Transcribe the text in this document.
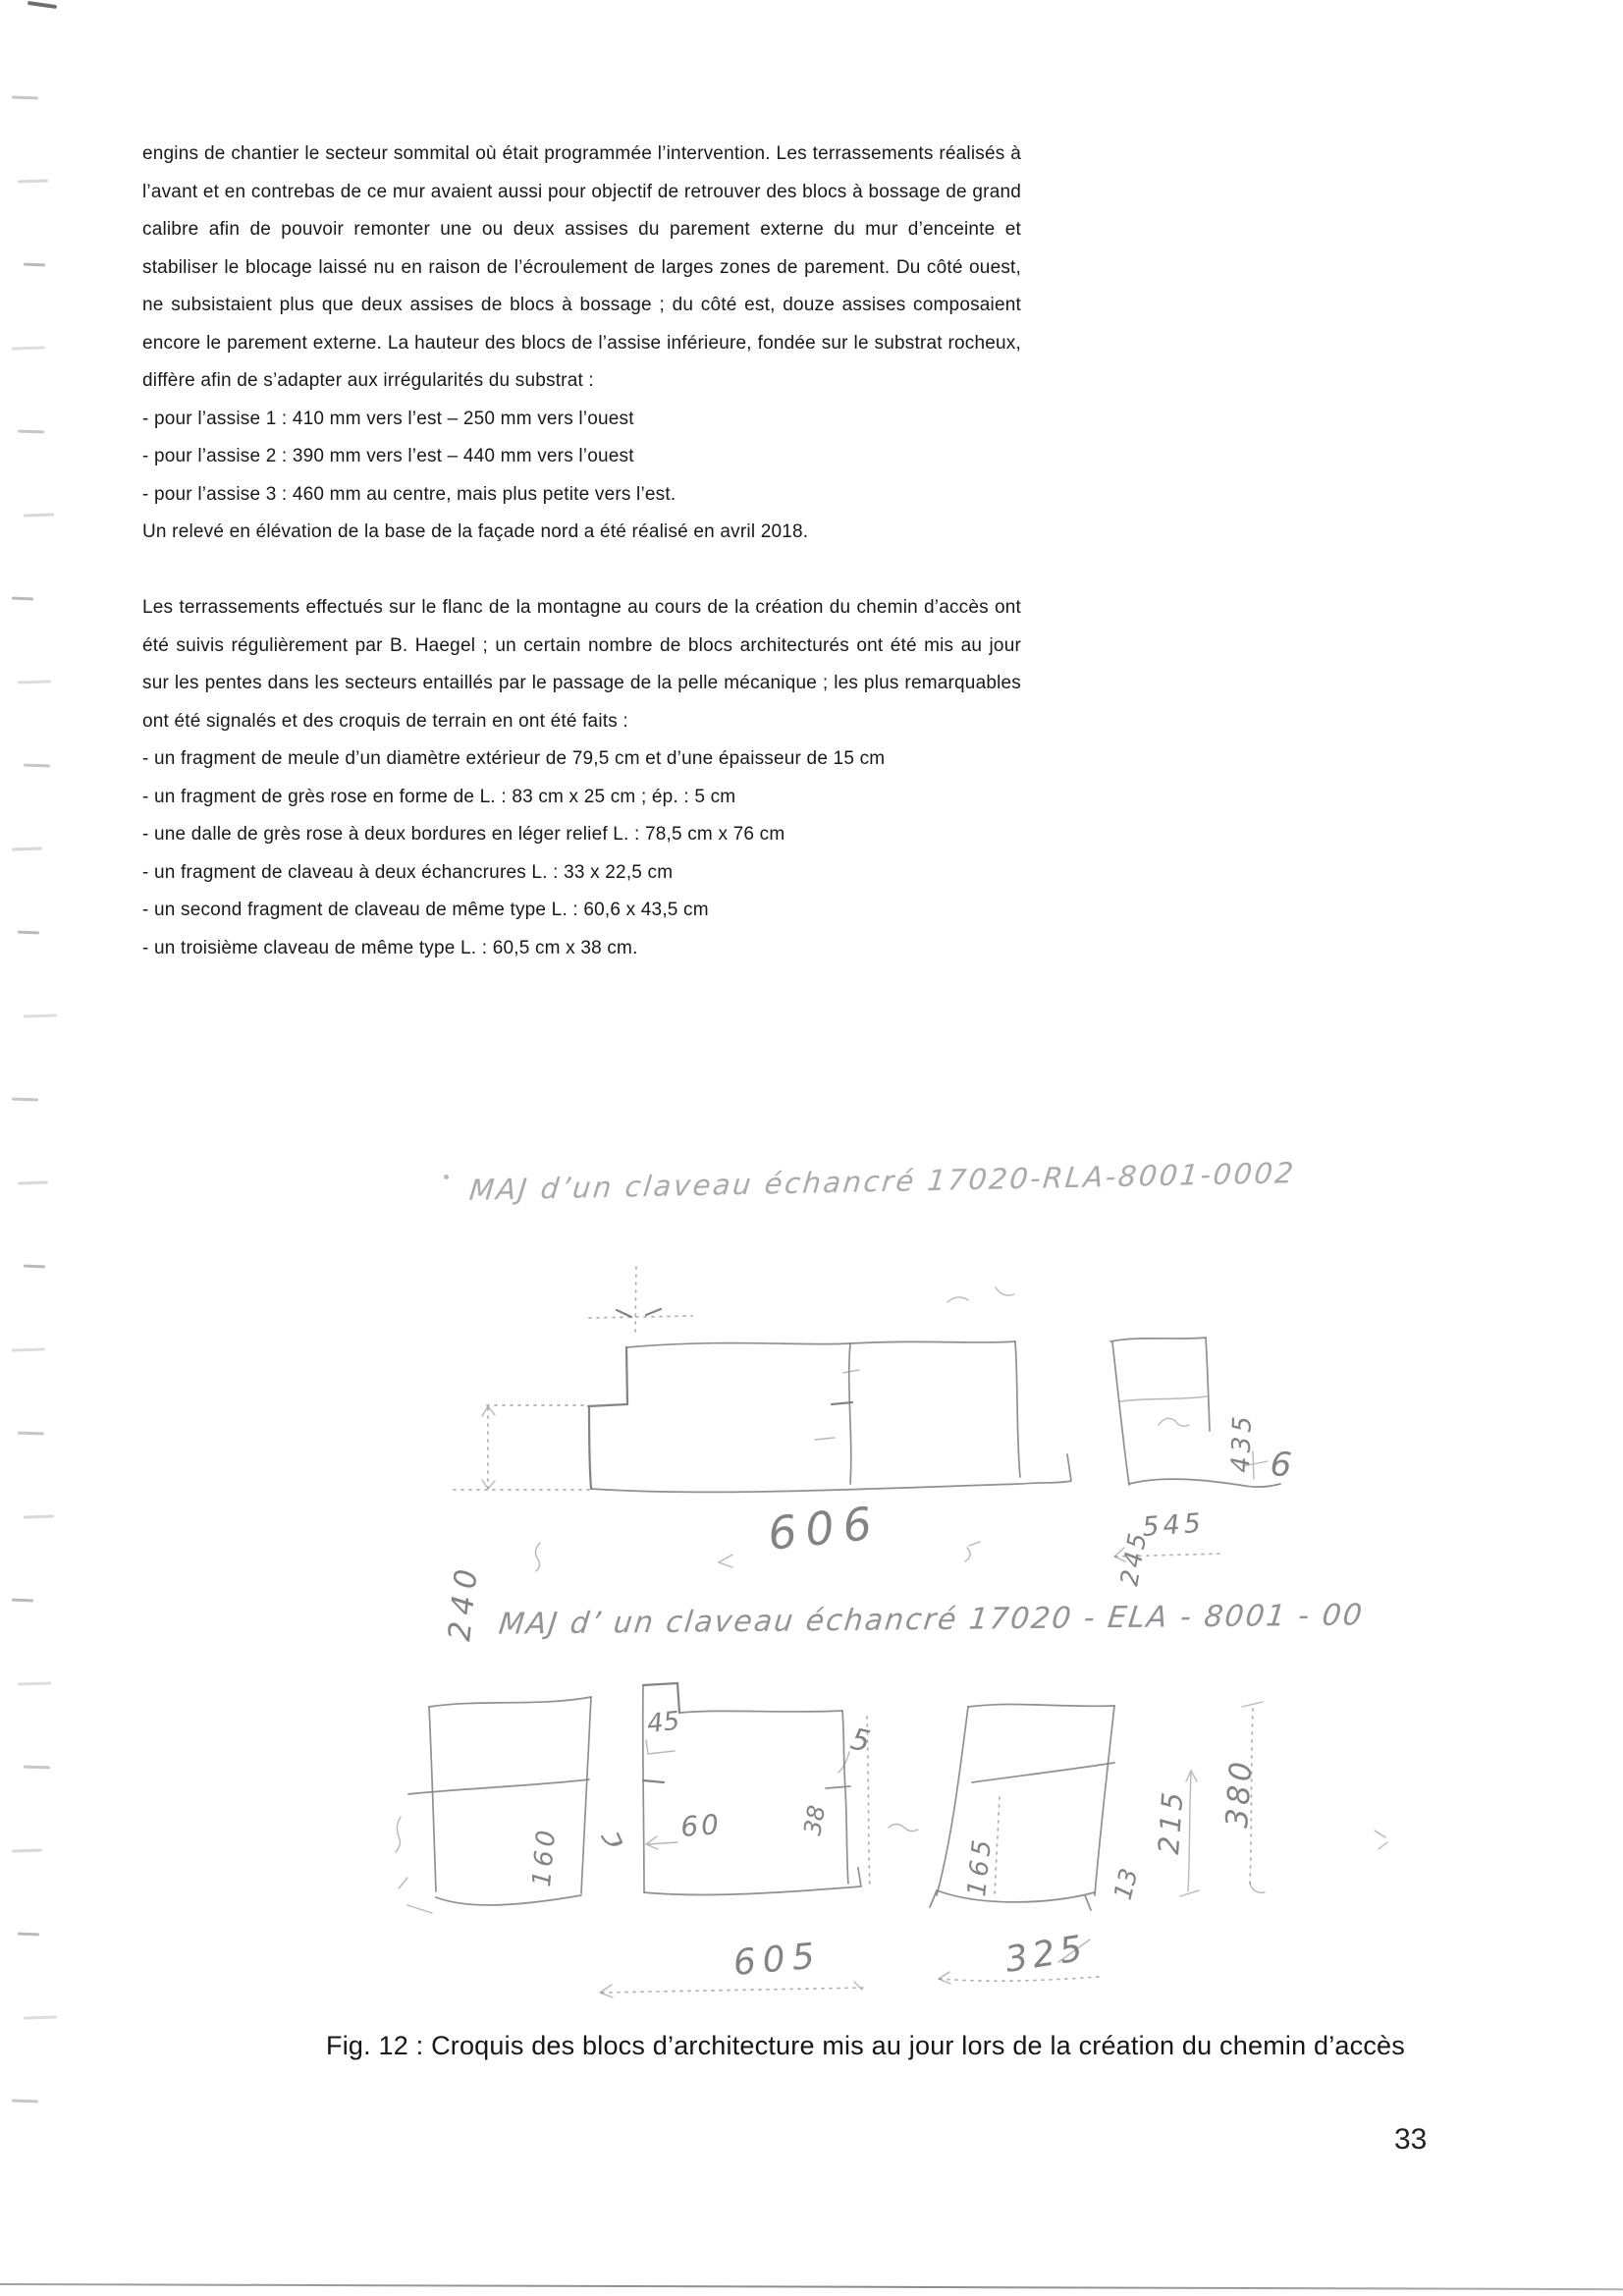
engins de chantier le secteur sommital où était programmée l’intervention. Les terrassements réalisés à l’avant et en contrebas de ce mur avaient aussi pour objectif de retrouver des blocs à bossage de grand calibre afin de pouvoir remonter une ou deux assises du parement externe du mur d’enceinte et stabiliser le blocage laissé nu en raison de l’écroulement de larges zones de parement. Du côté ouest, ne subsistaient plus que deux assises de blocs à bossage ; du côté est, douze assises composaient encore le parement externe. La hauteur des blocs de l’assise inférieure, fondée sur le substrat rocheux, diffère afin de s’adapter aux irrégularités du substrat :
- pour l’assise 1 : 410 mm vers l’est – 250 mm vers l’ouest
- pour l’assise 2 : 390 mm vers l’est – 440 mm vers l’ouest
- pour l’assise 3 : 460 mm au centre, mais plus petite vers l’est.
Un relevé en élévation de la base de la façade nord a été réalisé en avril 2018.
Les terrassements effectués sur le flanc de la montagne au cours de la création du chemin d’accès ont été suivis régulièrement par B. Haegel ; un certain nombre de blocs architecturés ont été mis au jour sur les pentes dans les secteurs entaillés par le passage de la pelle mécanique ; les plus remarquables ont été signalés et des croquis de terrain en ont été faits :
- un fragment de meule d’un diamètre extérieur de 79,5 cm et d’une épaisseur de 15 cm
- un fragment de grès rose en forme de L. : 83 cm x 25 cm ; ép. : 5 cm
- une dalle de grès rose à deux bordures en léger relief L. : 78,5 cm x 76 cm
- un fragment de claveau à deux échancrures L. : 33 x 22,5 cm
- un second fragment de claveau de même type L. : 60,6 x 43,5 cm
- un troisième claveau de même type L. : 60,5 cm x 38 cm.
MAJ d’un claveau échancré 17020-RLA-8001-0002
240
435
245
606
6
545
MAJ d’ un claveau échancré 17020 - ELA - 8001 - 00
45	5
160	60	38
605	325
165	13
215 380
Fig. 12 : Croquis des blocs d’architecture mis au jour lors de la création du chemin d’accès
33
